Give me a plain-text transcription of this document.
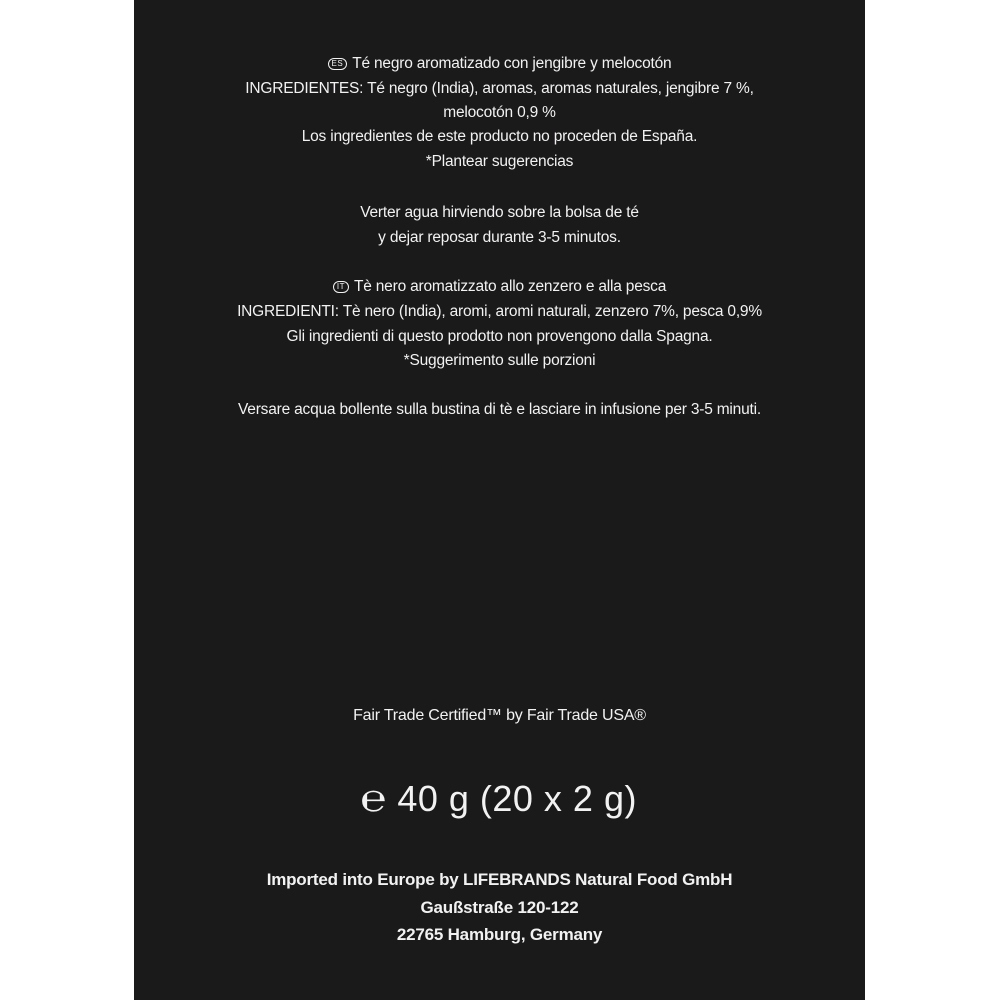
ES Té negro aromatizado con jengibre y melocotón
INGREDIENTES: Té negro (India), aromas, aromas naturales, jengibre 7 %,
melocotón 0,9 %
Los ingredientes de este producto no proceden de España.
*Plantear sugerencias
Verter agua hirviendo sobre la bolsa de té
y dejar reposar durante 3-5 minutos.
IT Tè nero aromatizzato allo zenzero e alla pesca
INGREDIENTI: Tè nero (India), aromi, aromi naturali, zenzero 7%, pesca 0,9%
Gli ingredienti di questo prodotto non provengono dalla Spagna.
*Suggerimento sulle porzioni
Versare acqua bollente sulla bustina di tè e lasciare in infusione per 3-5 minuti.
Fair Trade Certified™ by Fair Trade USA®
℮ 40 g (20 x 2 g)
Imported into Europe by LIFEBRANDS Natural Food GmbH
Gaußstraße 120-122
22765 Hamburg, Germany
